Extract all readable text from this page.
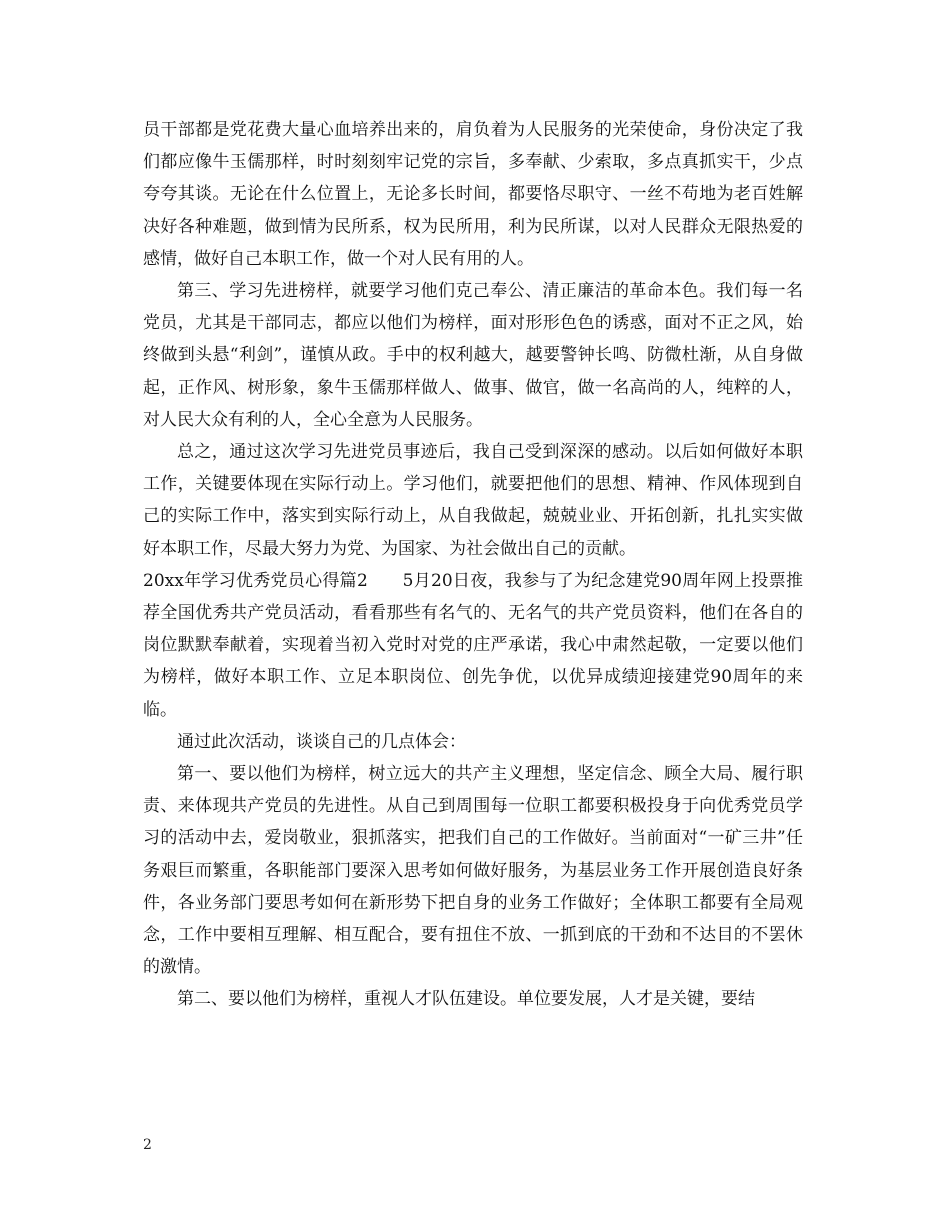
员干部都是党花费大量心血培养出来的，肩负着为人民服务的光荣使命，身份决定了我们都应像牛玉儒那样，时时刻刻牢记党的宗旨，多奉献、少索取，多点真抓实干，少点夸夸其谈。无论在什么位置上，无论多长时间，都要恪尽职守、一丝不苟地为老百姓解决好各种难题，做到情为民所系，权为民所用，利为民所谋，以对人民群众无限热爱的感情，做好自己本职工作，做一个对人民有用的人。

第三、学习先进榜样，就要学习他们克己奉公、清正廉洁的革命本色。我们每一名党员，尤其是干部同志，都应以他们为榜样，面对形形色色的诱惑，面对不正之风，始终做到头悬“利剑”，谨慎从政。手中的权利越大，越要警钟长鸣、防微杜渐，从自身做起，正作风、树形象，象牛玉儒那样做人、做事、做官，做一名高尚的人，纯粹的人，对人民大众有利的人，全心全意为人民服务。

总之，通过这次学习先进党员事迹后，我自己受到深深的感动。以后如何做好本职工作，关键要体现在实际行动上。学习他们，就要把他们的思想、精神、作风体现到自己的实际工作中，落实到实际行动上，从自我做起，兢兢业业、开拓创新，扎扎实实做好本职工作，尽最大努力为党、为国家、为社会做出自己的贡献。

20xx年学习优秀党员心得篇2　　5月20日夜，我参与了为纪念建党90周年网上投票推荐全国优秀共产党员活动，看看那些有名气的、无名气的共产党员资料，他们在各自的岗位默默奉献着，实现着当初入党时对党的庄严承诺，我心中肃然起敬，一定要以他们为榜样，做好本职工作、立足本职岗位、创先争优，以优异成绩迎接建党90周年的来临。

通过此次活动，谈谈自己的几点体会：

第一、要以他们为榜样，树立远大的共产主义理想，坚定信念、顾全大局、履行职责、来体现共产党员的先进性。从自己到周围每一位职工都要积极投身于向优秀党员学习的活动中去，爱岗敬业，狠抓落实，把我们自己的工作做好。当前面对“一矿三井”任务艰巨而繁重，各职能部门要深入思考如何做好服务，为基层业务工作开展创造良好条件，各业务部门要思考如何在新形势下把自身的业务工作做好；全体职工都要有全局观念，工作中要相互理解、相互配合，要有扭住不放、一抓到底的干劲和不达目的不罢休的激情。

第二、要以他们为榜样，重视人才队伍建设。单位要发展，人才是关键，要结

2
